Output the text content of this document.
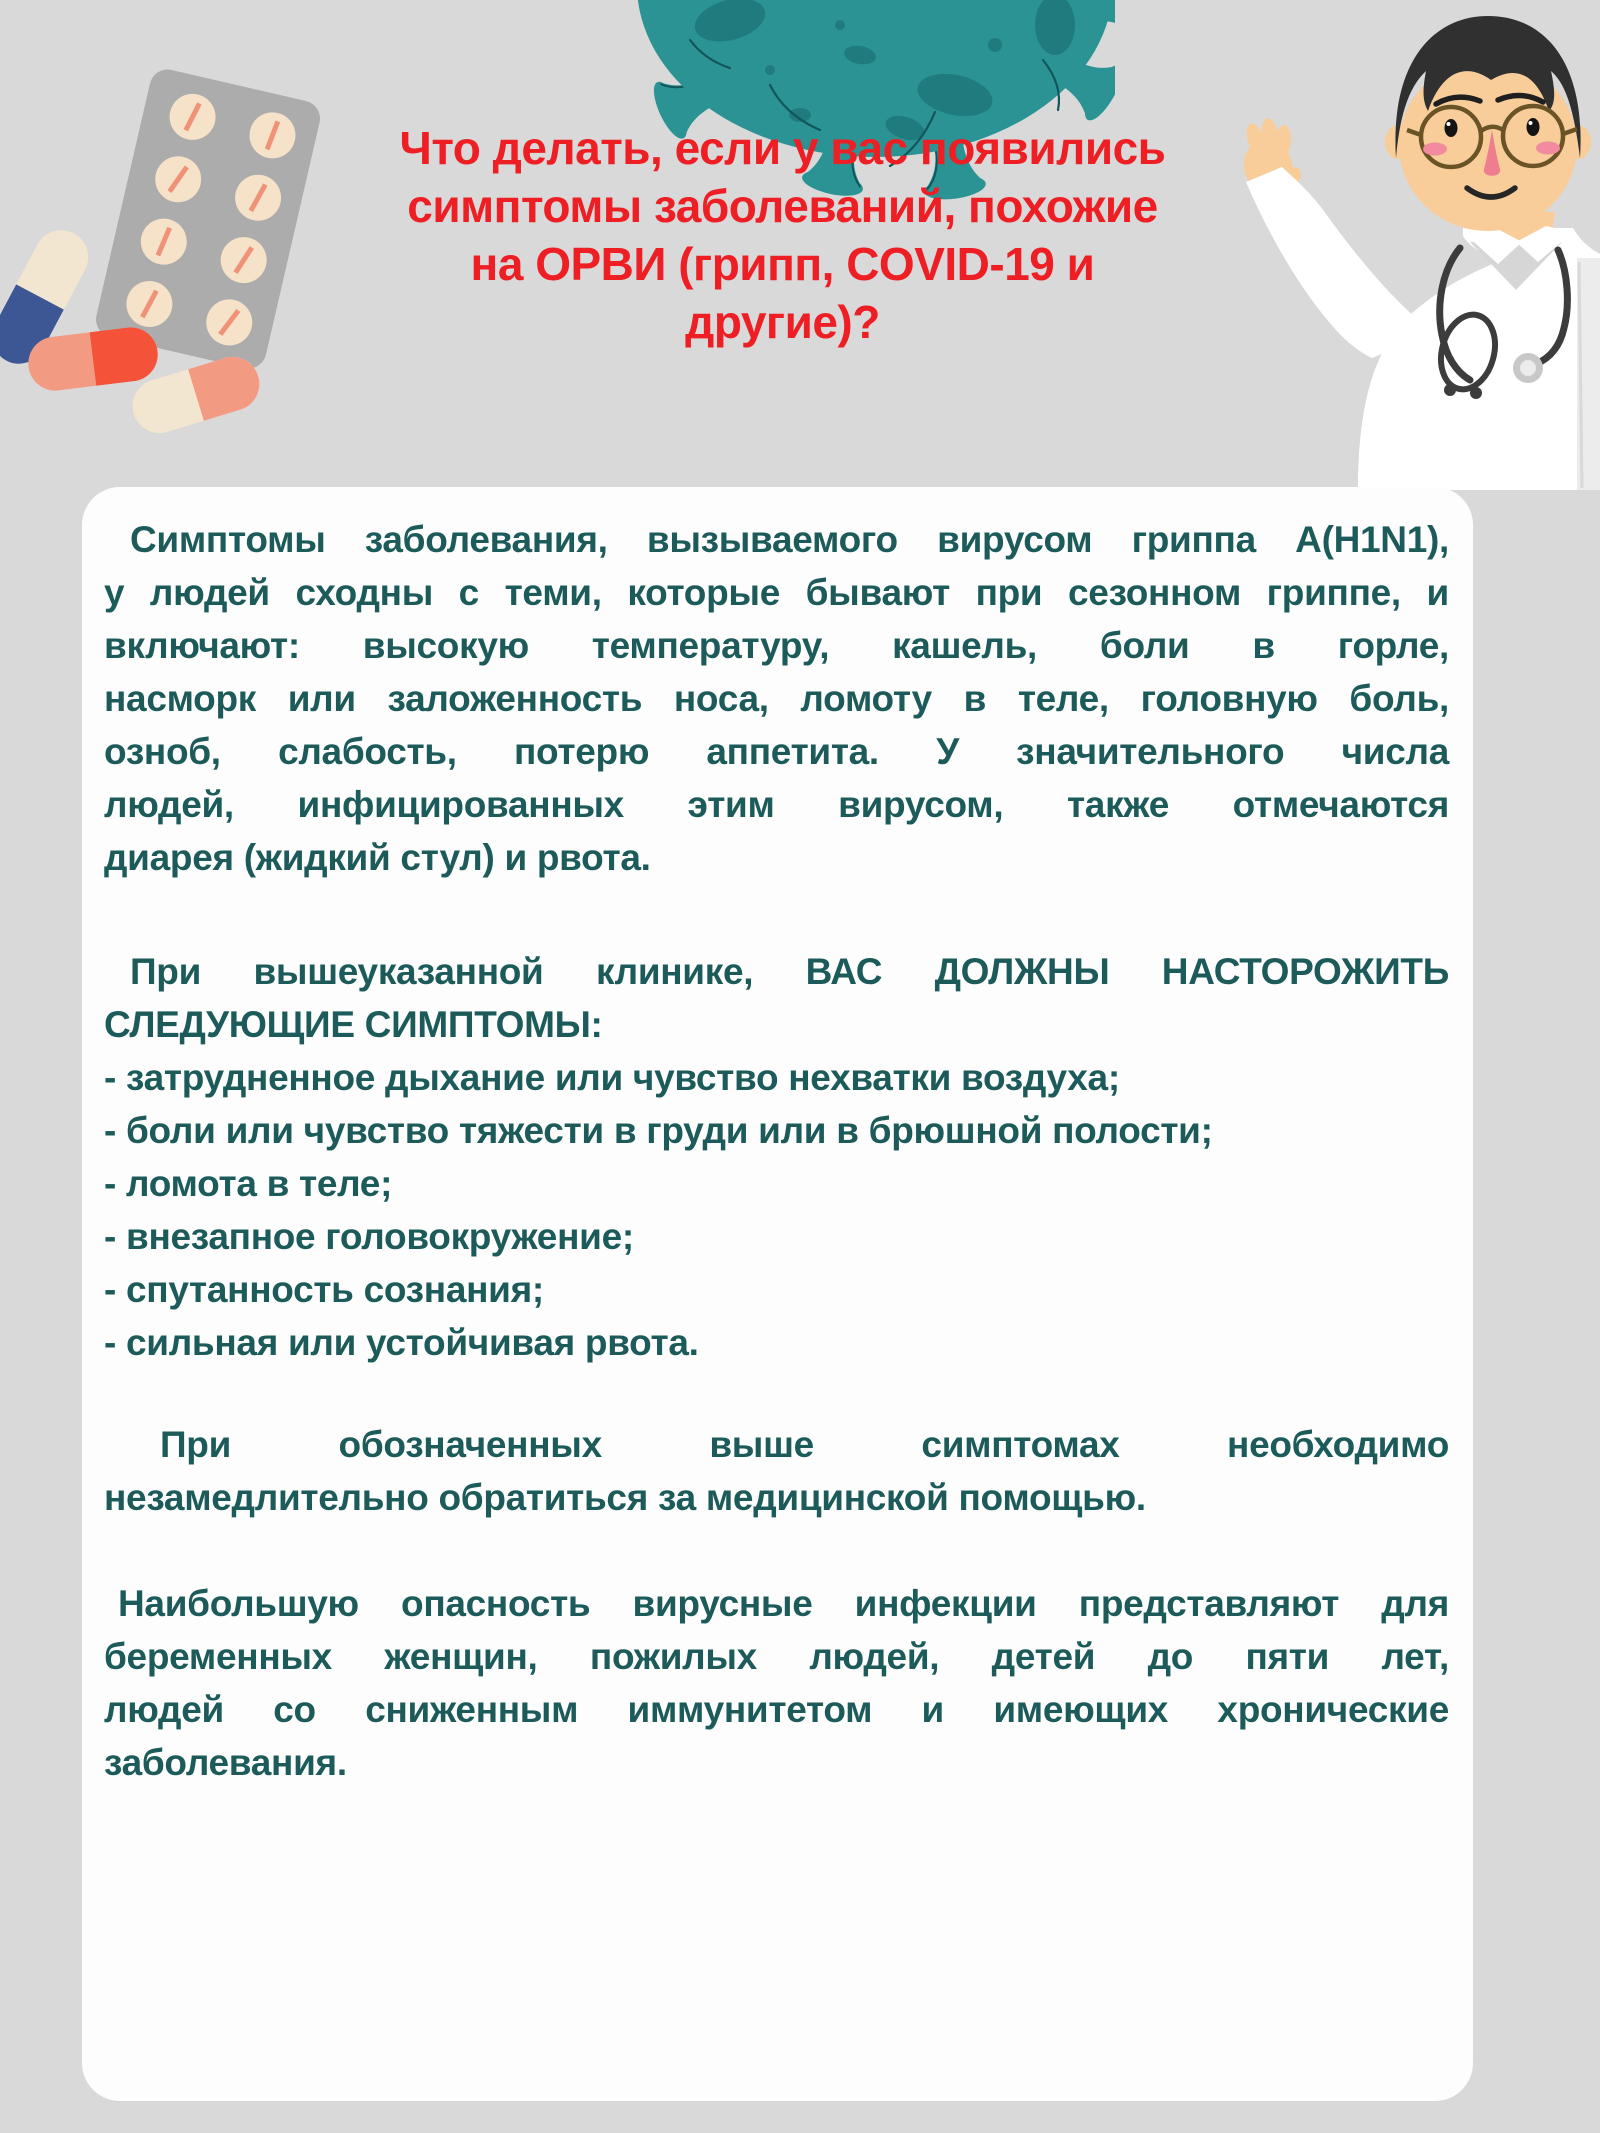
Что делать, если у вас появились
симптомы заболеваний, похожие
на ОРВИ (грипп, COVID-19 и
другие)?
Симптомы заболевания, вызываемого вирусом гриппа A(H1N1),
у людей сходны с теми, которые бывают при сезонном гриппе, и
включают: высокую температуру, кашель, боли в горле,
насморк или заложенность носа, ломоту в теле, головную боль,
озноб, слабость, потерю аппетита. У значительного числа
людей, инфицированных этим вирусом, также отмечаются
диарея (жидкий стул) и рвота.
При вышеуказанной клинике, ВАС ДОЛЖНЫ НАСТОРОЖИТЬ
СЛЕДУЮЩИЕ СИМПТОМЫ:
- затрудненное дыхание или чувство нехватки воздуха;
- боли или чувство тяжести в груди или в брюшной полости;
- ломота в теле;
- внезапное головокружение;
- спутанность сознания;
- сильная или устойчивая рвота.
При обозначенных выше симптомах необходимо
незамедлительно обратиться за медицинской помощью.
Наибольшую опасность вирусные инфекции представляют для
беременных женщин, пожилых людей, детей до пяти лет,
людей со сниженным иммунитетом и имеющих хронические
заболевания.
